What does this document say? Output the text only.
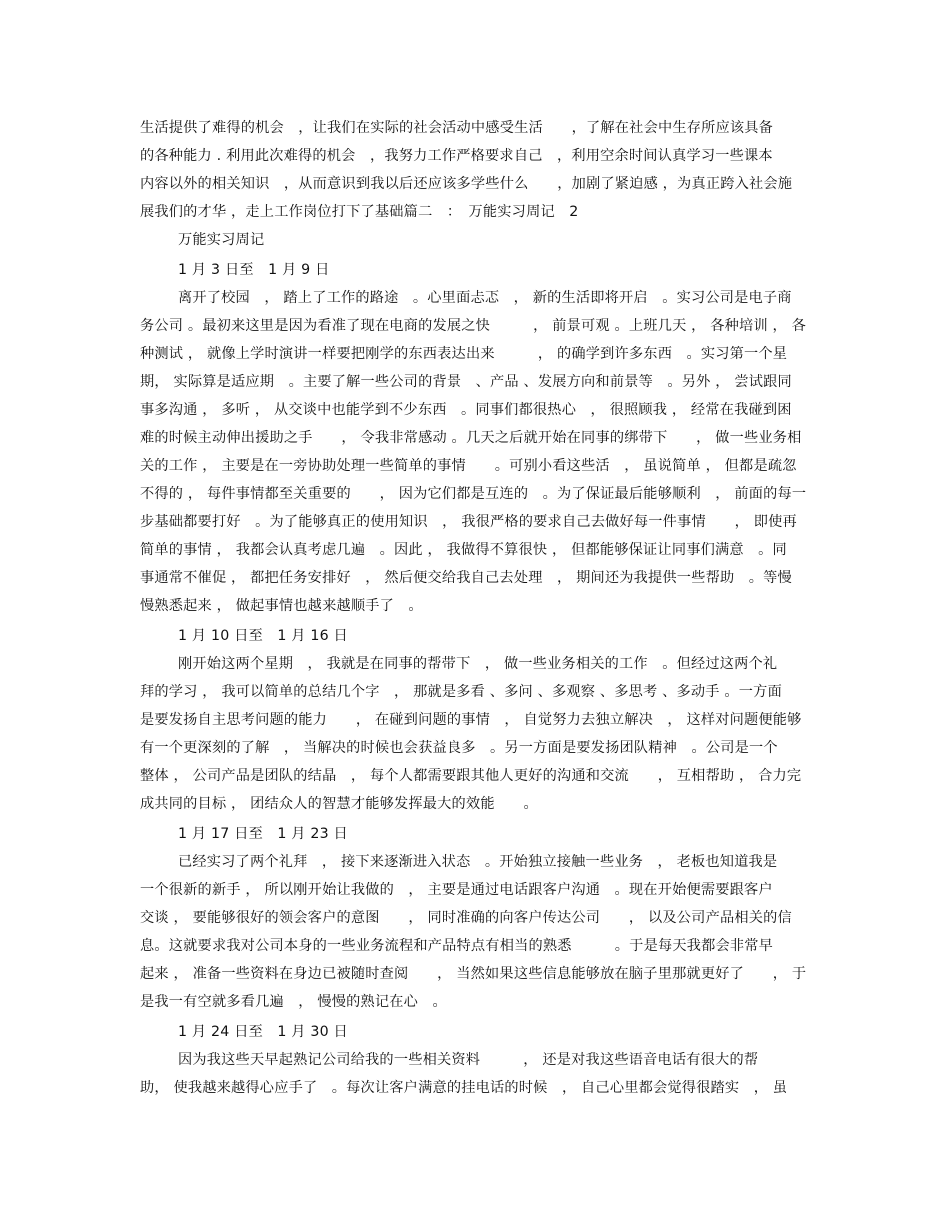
生活提供了难得的机会　，让我们在实际的社会活动中感受生活　　，了解在社会中生存所应该具备
的各种能力 . 利用此次难得的机会　，我努力工作严格要求自己　，利用空余时间认真学习一些课本
内容以外的相关知识　，从而意识到我以后还应该多学些什么　　，加剧了紧迫感 ，为真正跨入社会施
展我们的才华 ，走上工作岗位打下了基础篇二　：　万能实习周记　2
万能实习周记
1 月 3 日至　1 月 9 日
离开了校园　， 踏上了工作的路途　。心里面忐忑　， 新的生活即将开启　。实习公司是电子商
务公司 。最初来这里是因为看准了现在电商的发展之快　　　， 前景可观 。上班几天 ， 各种培训 ， 各
种测试 ， 就像上学时演讲一样要把刚学的东西表达出来　　　， 的确学到许多东西　。实习第一个星
期， 实际算是适应期　。主要了解一些公司的背景　、产品 、发展方向和前景等　。另外 ， 尝试跟同
事多沟通 ， 多听 ， 从交谈中也能学到不少东西　。同事们都很热心　， 很照顾我 ， 经常在我碰到困
难的时候主动伸出援助之手　　， 令我非常感动 。几天之后就开始在同事的绑带下　　， 做一些业务相
关的工作 ， 主要是在一旁协助处理一些简单的事情　　。可别小看这些活　， 虽说简单 ， 但都是疏忽
不得的 ， 每件事情都至关重要的　　， 因为它们都是互连的　。为了保证最后能够顺利　， 前面的每一
步基础都要打好　。为了能够真正的使用知识　， 我很严格的要求自己去做好每一件事情　　， 即使再
简单的事情 ， 我都会认真考虑几遍　。因此 ， 我做得不算很快 ， 但都能够保证让同事们满意　。同
事通常不催促 ， 都把任务安排好　， 然后便交给我自己去处理　， 期间还为我提供一些帮助　。等慢
慢熟悉起来 ， 做起事情也越来越顺手了　。
1 月 10 日至　1 月 16 日
刚开始这两个星期　， 我就是在同事的帮带下　， 做一些业务相关的工作　。但经过这两个礼
拜的学习 ， 我可以简单的总结几个字　， 那就是多看 、多问 、多观察 、多思考 、多动手 。一方面
是要发扬自主思考问题的能力　　， 在碰到问题的事情　， 自觉努力去独立解决　， 这样对问题便能够
有一个更深刻的了解　， 当解决的时候也会获益良多　。另一方面是要发扬团队精神　。公司是一个
整体 ， 公司产品是团队的结晶　， 每个人都需要跟其他人更好的沟通和交流　　， 互相帮助 ， 合力完
成共同的目标 ， 团结众人的智慧才能够发挥最大的效能　　。
1 月 17 日至　1 月 23 日
已经实习了两个礼拜　， 接下来逐渐进入状态　。开始独立接触一些业务　， 老板也知道我是
一个很新的新手 ， 所以刚开始让我做的　， 主要是通过电话跟客户沟通　。现在开始便需要跟客户
交谈 ， 要能够很好的领会客户的意图　　， 同时准确的向客户传达公司　　， 以及公司产品相关的信
息。这就要求我对公司本身的一些业务流程和产品特点有相当的熟悉　　　。于是每天我都会非常早
起来 ， 准备一些资料在身边已被随时查阅　　， 当然如果这些信息能够放在脑子里那就更好了　　， 于
是我一有空就多看几遍　， 慢慢的熟记在心　。
1 月 24 日至　1 月 30 日
因为我这些天早起熟记公司给我的一些相关资料　　　， 还是对我这些语音电话有很大的帮
助， 使我越来越得心应手了　。每次让客户满意的挂电话的时候　， 自己心里都会觉得很踏实　， 虽
